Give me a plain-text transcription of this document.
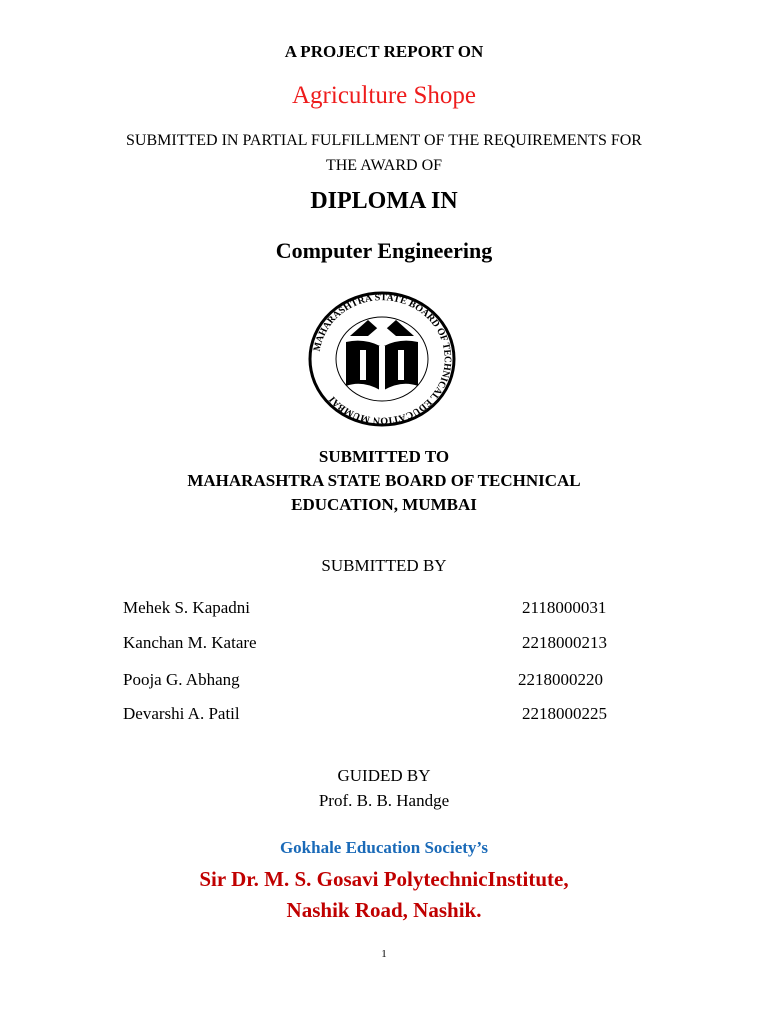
A PROJECT REPORT ON
Agriculture Shope
SUBMITTED IN PARTIAL FULFILLMENT OF THE REQUIREMENTS FOR
THE AWARD OF
DIPLOMA IN
Computer Engineering
MAHARASHTRA STATE BOARD OF TECHNICAL EDUCATION MUMBAI
SUBMITTED TO
MAHARASHTRA STATE BOARD OF TECHNICAL
EDUCATION, MUMBAI
SUBMITTED BY
Mehek S. Kapadni	2118000031
Kanchan M. Katare	2218000213
Pooja G. Abhang	2218000220
Devarshi A. Patil	2218000225
GUIDED BY
Prof. B. B. Handge
Gokhale Education Society’s
Sir Dr. M. S. Gosavi PolytechnicInstitute,
Nashik Road, Nashik.
1
